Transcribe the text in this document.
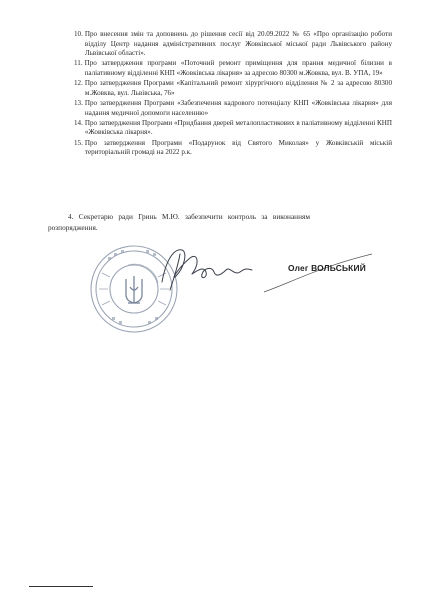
10. Про внесення змін та доповнень до рішення сесії від 20.09.2022 № 65 «Про організацію роботи відділу Центр надання адміністративних послуг Жовківської міської ради Львівського району Львівської області».
11. Про затвердження програми «Поточний ремонт приміщення для прання медичної білизни в паліативному відділенні КНП «Жовківська лікарня» за адресою 80300 м.Жовква, вул. В. УПА, 19»
12. Про затвердження Програми «Капітальний ремонт хірургічного відділення № 2 за адресою 80300 м.Жовква, вул. Львівська, 76»
13. Про затвердження Програми «Забезпечення кадрового потенціалу КНП «Жовківська лікарня» для надання медичної допомоги населенню»
14. Про затвердження Програми «Придбання дверей металопластикових в паліативному відділенні КНП «Жовківська лікарня».
15. Про затвердження Програми «Подарунок від Святого Миколая» у Жовківській міській територіальній громаді на 2022 р.к.
4. Секретарю ради Гринь М.Ю. забезпечити контроль за виконанням
розпорядження.
Олег ВОЛЬСЬКИЙ
